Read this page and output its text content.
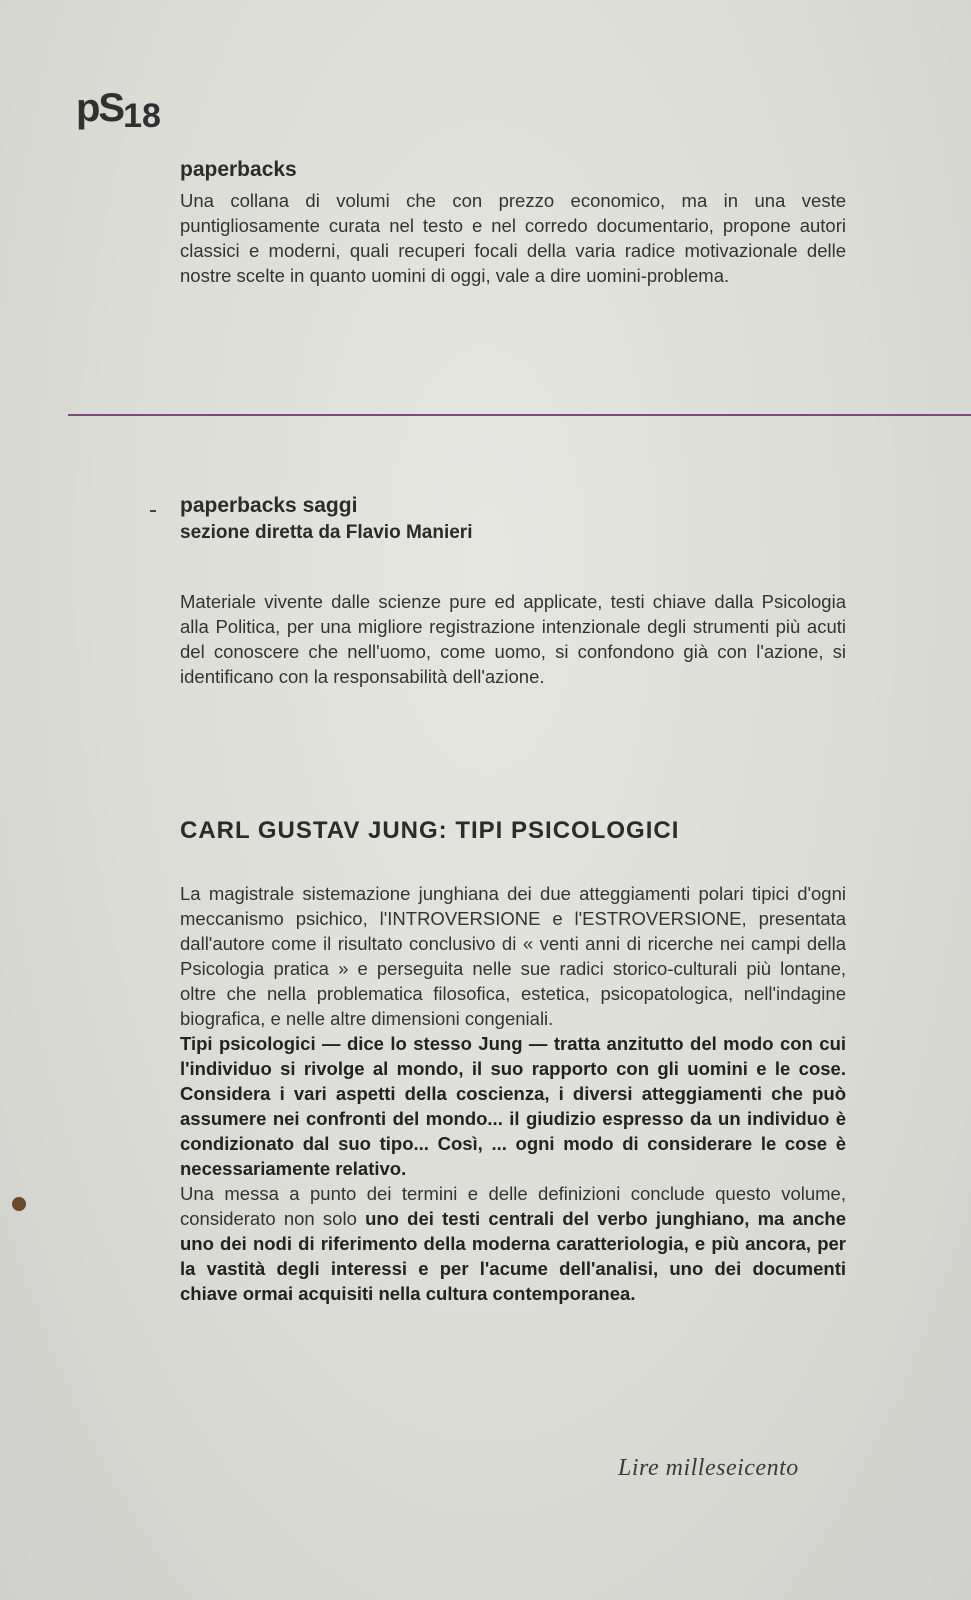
pS18

paperbacks

Una collana di volumi che con prezzo economico, ma in una veste puntigliosamente curata nel testo e nel corredo documentario, propone autori classici e moderni, quali recuperi focali della varia radice motivazionale delle nostre scelte in quanto uomini di oggi, vale a dire uomini-problema.

paperbacks saggi

sezione diretta da Flavio Manieri

Materiale vivente dalle scienze pure ed applicate, testi chiave dalla Psicologia alla Politica, per una migliore registrazione intenzionale degli strumenti più acuti del conoscere che nell'uomo, come uomo, si confondono già con l'azione, si identificano con la responsabilità dell'azione.

CARL GUSTAV JUNG: TIPI PSICOLOGICI

La magistrale sistemazione junghiana dei due atteggiamenti polari tipici d'ogni meccanismo psichico, l'INTROVERSIONE e l'ESTROVERSIONE, presentata dall'autore come il risultato conclusivo di « venti anni di ricerche nei campi della Psicologia pratica » e perseguita nelle sue radici storico-culturali più lontane, oltre che nella problematica filosofica, estetica, psicopatologica, nell'indagine biografica, e nelle altre dimensioni congeniali.

Tipi psicologici — dice lo stesso Jung — tratta anzitutto del modo con cui l'individuo si rivolge al mondo, il suo rapporto con gli uomini e le cose. Considera i vari aspetti della coscienza, i diversi atteggiamenti che può assumere nei confronti del mondo... il giudizio espresso da un individuo è condizionato dal suo tipo... Così, ... ogni modo di considerare le cose è necessariamente relativo.

Una messa a punto dei termini e delle definizioni conclude questo volume, considerato non solo uno dei testi centrali del verbo junghiano, ma anche uno dei nodi di riferimento della moderna caratteriologia, e più ancora, per la vastità degli interessi e per l'acume dell'analisi, uno dei documenti chiave ormai acquisiti nella cultura contemporanea.

Lire milleseicento
